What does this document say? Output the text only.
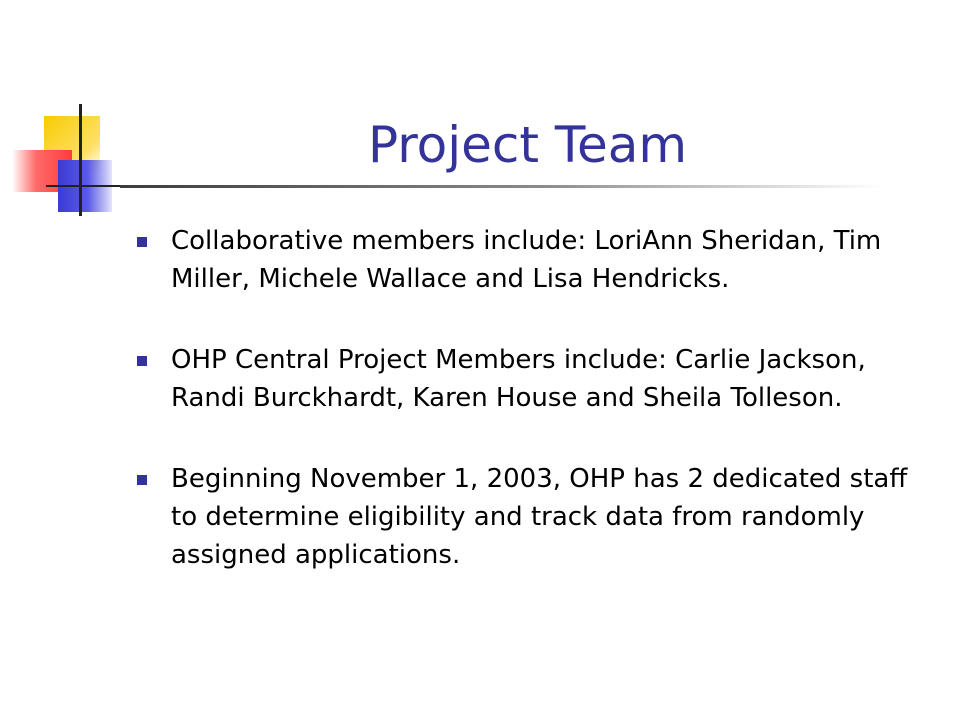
Project Team
Collaborative members include: LoriAnn Sheridan, Tim Miller, Michele Wallace and Lisa Hendricks.
OHP Central Project Members include: Carlie Jackson, Randi Burckhardt, Karen House and Sheila Tolleson.
Beginning November 1, 2003, OHP has 2 dedicated staff to determine eligibility and track data from randomly assigned applications.
